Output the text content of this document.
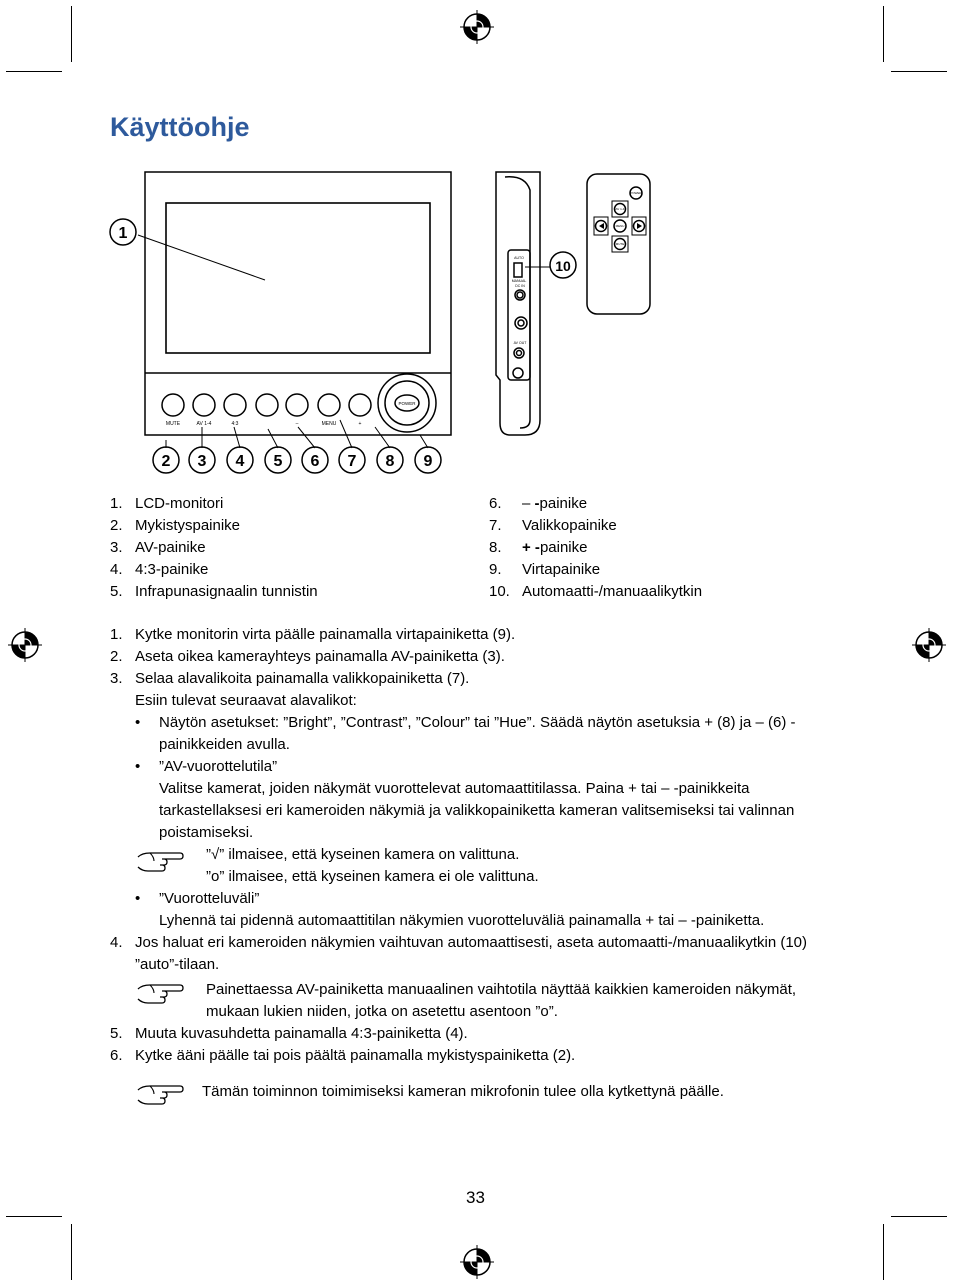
Käyttöohje
1
2 3 4 5 6 7 8 9
10
MUTE	AV 1-4	4:3	–	MENU	+
POWER
AUTO
MANUAL
DC IN
AV OUT
POWER
AV 1-4
MENU
MUTE
1. LCD-monitori
2. Mykistyspainike
3. AV-painike
4. 4:3-painike
5. Infrapunasignaalin tunnistin
6. – -painike
7. Valikkopainike
8. + -painike
9. Virtapainike
10. Automaatti-/manuaalikytkin
1. Kytke monitorin virta päälle painamalla virtapainiketta (9).
2. Aseta oikea kamerayhteys painamalla AV-painiketta (3).
3. Selaa alavalikoita painamalla valikkopainiketta (7).
Esiin tulevat seuraavat alavalikot:
• Näytön asetukset: ”Bright”, ”Contrast”, ”Colour” tai ”Hue”. Säädä näytön asetuksia + (8) ja – (6) -painikkeiden avulla.
• ”AV-vuorottelutila”
Valitse kamerat, joiden näkymät vuorottelevat automaattitilassa. Paina + tai – -painikkeita tarkastellaksesi eri kameroiden näkymiä ja valikkopainiketta kameran valitsemiseksi tai valinnan poistamiseksi.
”√” ilmaisee, että kyseinen kamera on valittuna.
”o” ilmaisee, että kyseinen kamera ei ole valittuna.
• ”Vuorotteluväli”
Lyhennä tai pidennä automaattitilan näkymien vuorotteluväliä painamalla + tai – -painiketta.
4. Jos haluat eri kameroiden näkymien vaihtuvan automaattisesti, aseta automaatti-/manuaalikytkin (10) ”auto”-tilaan.
Painettaessa AV-painiketta manuaalinen vaihtotila näyttää kaikkien kameroiden näkymät, mukaan lukien niiden, jotka on asetettu asentoon ”o”.
5. Muuta kuvasuhdetta painamalla 4:3-painiketta (4).
6. Kytke ääni päälle tai pois päältä painamalla mykistyspainiketta (2).
Tämän toiminnon toimimiseksi kameran mikrofonin tulee olla kytkettynä päälle.
33
